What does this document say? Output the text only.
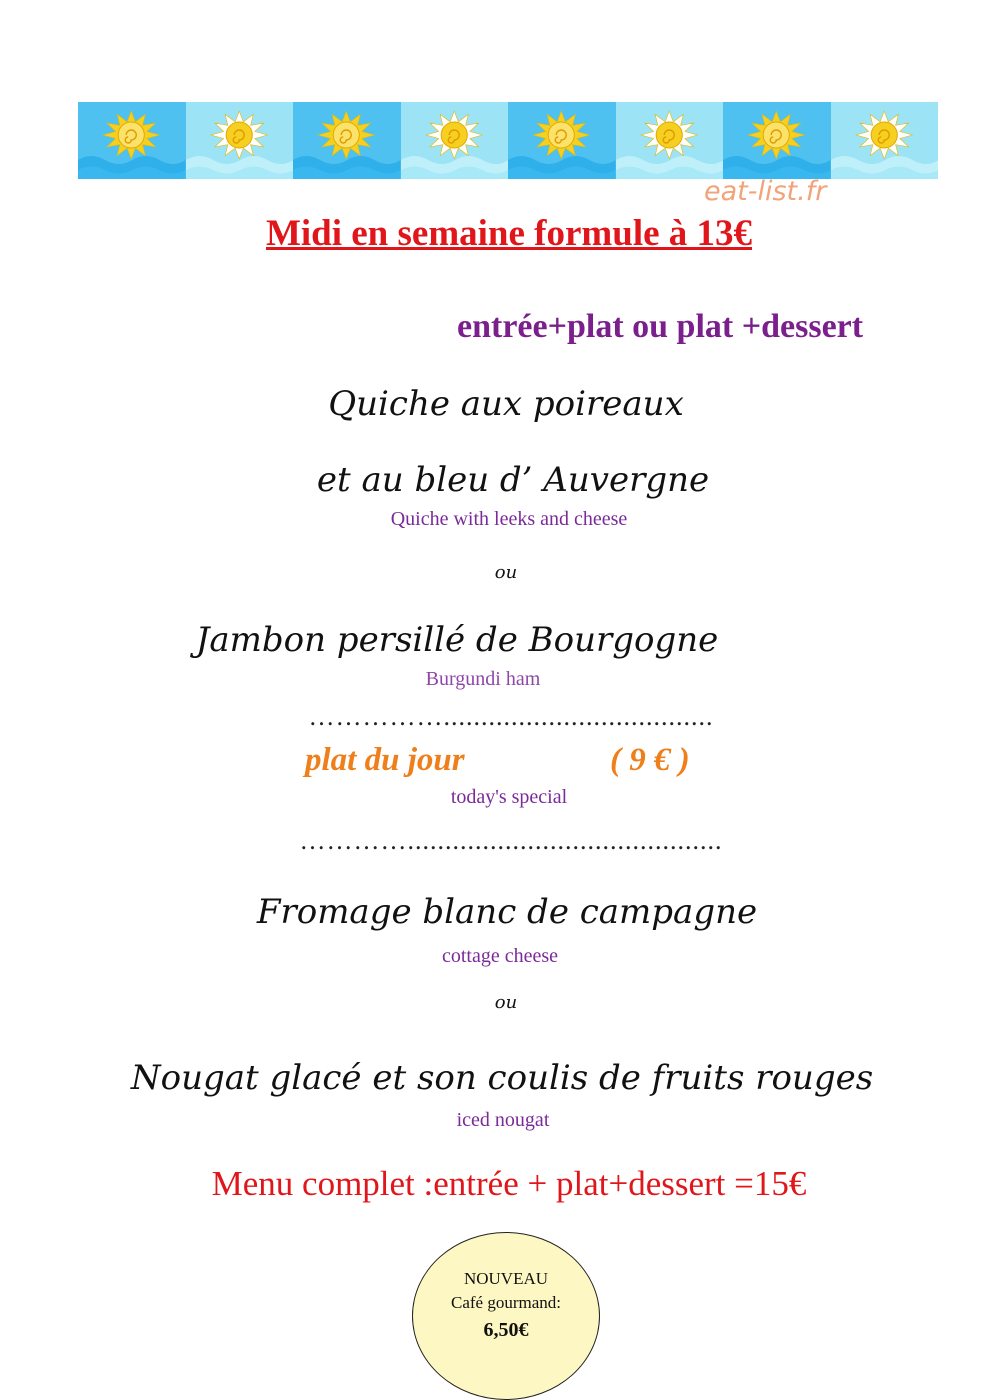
eat-list.fr
Midi en semaine formule à 13€
entrée+plat ou plat +dessert
Quiche aux poireaux
et au bleu d’ Auvergne
Quiche with leeks and cheese
ou
Jambon persillé de Bourgogne
Burgundi ham
……………....................................
plat du jour	( 9 € )
today's special
…………..........................................
Fromage blanc de campagne
cottage cheese
ou
Nougat glacé et son coulis de fruits rouges
iced nougat
Menu complet :entrée + plat+dessert =15€
NOUVEAU
Café gourmand:
6,50€
